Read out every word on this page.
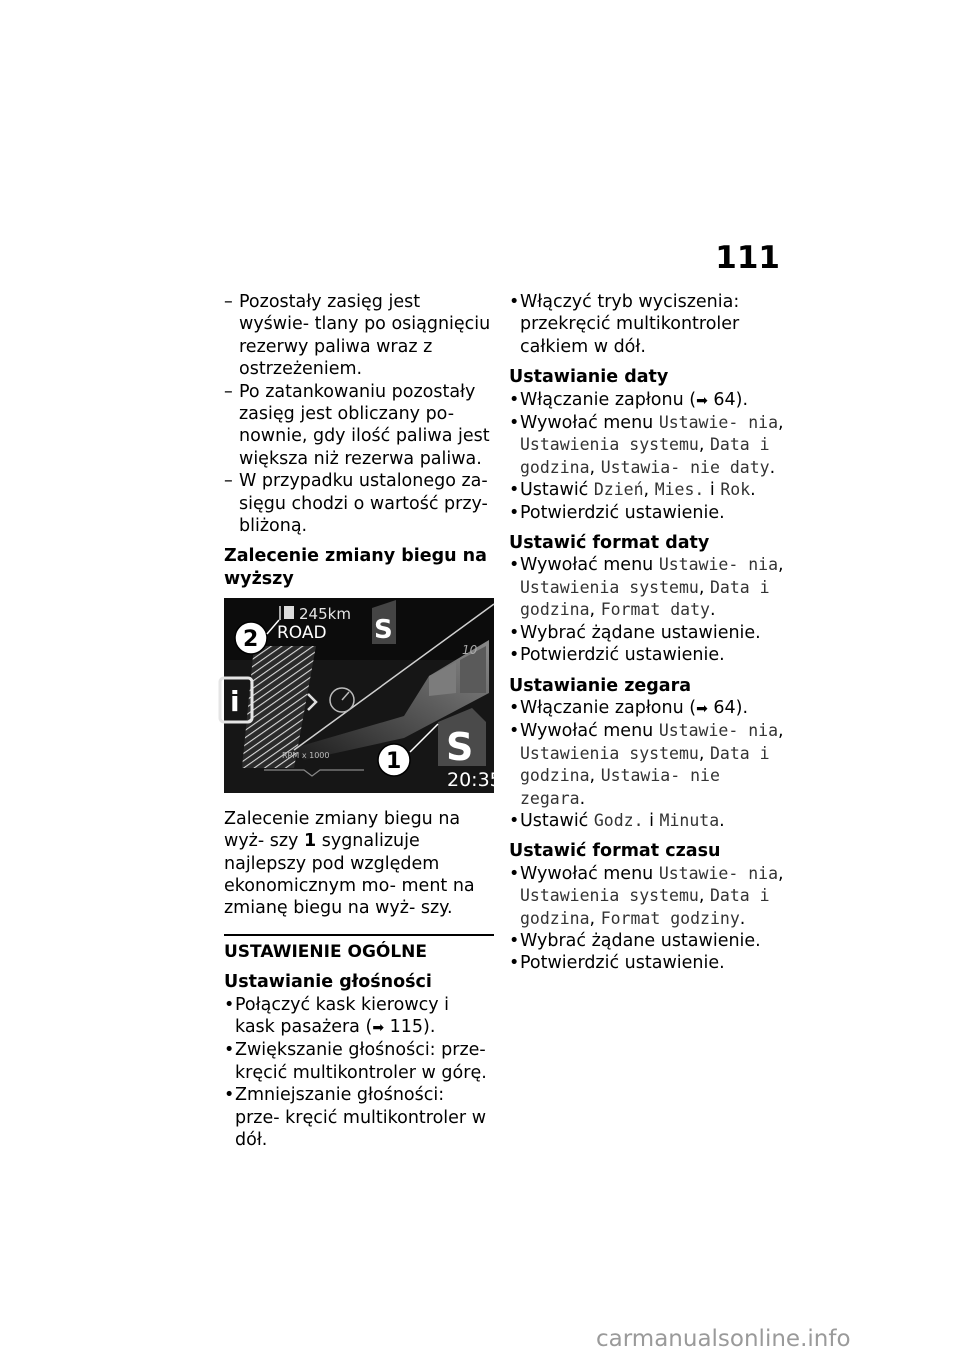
111

– Pozostały zasięg jest wyświe- tlany po osiągnięciu rezerwy paliwa wraz z ostrzeżeniem.

– Po zatankowaniu pozostały zasięg jest obliczany po- nownie, gdy ilość paliwa jest większa niż rezerwa paliwa.

– W przypadku ustalonego za- sięgu chodzi o wartość przy- bliżoną.

Zalecenie zmiany biegu na wyższy

10
i
245km
ROAD S
S
2
1
RPM x 1000
20:35

Zalecenie zmiany biegu na wyż- szy 1 sygnalizuje najlepszy pod względem ekonomicznym mo- ment na zmianę biegu na wyż- szy.

USTAWIENIE OGÓLNE

Ustawianie głośności

• Połączyć kask kierowcy i kask pasażera (➡ 115).

• Zwiększanie głośności: prze- kręcić multikontroler w górę.

• Zmniejszanie głośności: prze- kręcić multikontroler w dół.

• Włączyć tryb wyciszenia: przekręcić multikontroler całkiem w dół.

Ustawianie daty

• Włączanie zapłonu (➡ 64).

• Wywołać menu Ustawie- nia, Ustawienia systemu, Data i godzina, Ustawia- nie daty.

• Ustawić Dzień, Mies. i Rok.

• Potwierdzić ustawienie.

Ustawić format daty

• Wywołać menu Ustawie- nia, Ustawienia systemu, Data i godzina, Format daty.

• Wybrać żądane ustawienie.

• Potwierdzić ustawienie.

Ustawianie zegara

• Włączanie zapłonu (➡ 64).

• Wywołać menu Ustawie- nia, Ustawienia systemu, Data i godzina, Ustawia- nie zegara.

• Ustawić Godz. i Minuta.

Ustawić format czasu

• Wywołać menu Ustawie- nia, Ustawienia systemu, Data i godzina, Format godziny.

• Wybrać żądane ustawienie.

• Potwierdzić ustawienie.

carmanualsonline.info
